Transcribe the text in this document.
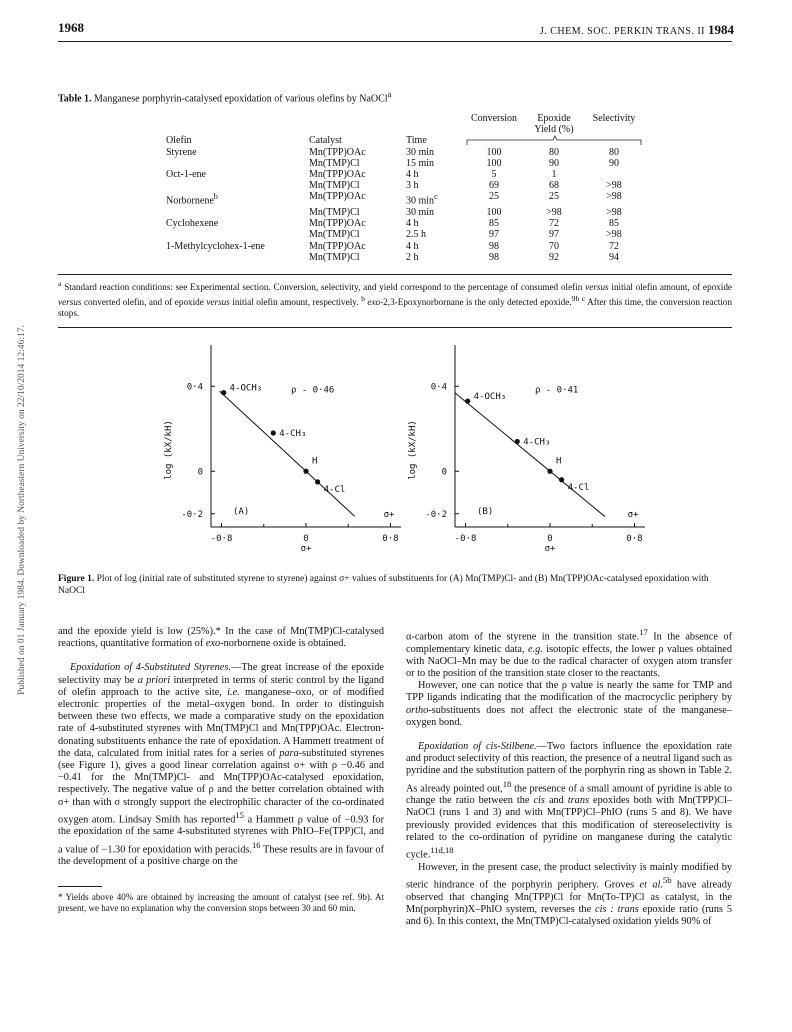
Published on 01 January 1984. Downloaded by Northeastern University on 22/10/2014 12:46:17.
1968	J. CHEM. SOC. PERKIN TRANS. II 1984
Table 1. Manganese porphyrin-catalysed epoxidation of various olefins by NaOCl$^a$
			Conversion	Epoxide	Selectivity
				Yield (%)	
Olefin	Catalyst	Time	

Styrene	Mn(TPP)OAc	30 min	100	80	80
	Mn(TMP)Cl	15 min	100	90	90
Oct-1-ene	Mn(TPP)OAc	4 h	5	1	
	Mn(TMP)Cl	3 h	69	68	>98
Norbornene$^b$	Mn(TPP)OAc	30 $\min^c$	25	25	>98
	Mn(TMP)Cl	30 min	100	>98	>98
Cyclohexene	Mn(TPP)OAc	4 h	85	72	85
	Mn(TMP)Cl	2.5 h	97	97	>98
1-Methylcyclohex-1-ene	Mn(TPP)OAc	4 h	98	70	72
	Mn(TMP)Cl	2 h	98	92	94
$^a$ Standard reaction conditions: see Experimental section. Conversion, selectivity, and yield correspond to the percentage of consumed olefin versus initial olefin amount, of epoxide versus converted olefin, and of epoxide versus initial olefin amount, respectively. $^b$ exo-2,3-Epoxynorbornane is the only detected epoxide.$^{9b}$ $^c$ After this time, the conversion reaction stops.
0·4
0
-0·2
-0·8	0	0·8
σ+
σ+
log (kX/kH)
ρ - 0·46
(A)
4-OCH₃
4-CH₃
H
4-Cl
0·4
0
-0·2
-0·8	0	0·8
σ+
σ+
log (kX/kH)
ρ - 0·41
(B)
4-OCH₃
4-CH₃
H
4-Cl
Figure 1. Plot of log (initial rate of substituted styrene to styrene) against σ+ values of substituents for (A) Mn(TMP)Cl- and (B) Mn(TPP)OAc-catalysed epoxidation with NaOCl

and the epoxide yield is low (25%).* In the case of Mn(TMP)Cl-catalysed reactions, quantitative formation of exo-norbornene oxide is obtained.

Epoxidation of 4-Substituted Styrenes.—The great increase of the epoxide selectivity may be a priori interpreted in terms of steric control by the ligand of olefin approach to the active site, i.e. manganese–oxo, or of modified electronic properties of the metal–oxygen bond. In order to distinguish between these two effects, we made a comparative study on the epoxidation rate of 4-substituted styrenes with Mn(TMP)Cl and Mn(TPP)OAc. Electron-donating substituents enhance the rate of epoxidation. A Hammett treatment of the data, calculated from initial rates for a series of para-substituted styrenes (see Figure 1), gives a good linear correlation against σ+ with ρ −0.46 and −0.41 for the Mn(TMP)Cl- and Mn(TPP)OAc-catalysed epoxidation, respectively. The negative value of ρ and the better correlation obtained with σ+ than with σ strongly support the electrophilic character of the co-ordinated oxygen atom. Lindsay Smith has reported$^{15}$ a Hammett ρ value of −0.93 for the epoxidation of the same 4-substituted styrenes with PhIO–Fe(TPP)Cl, and a value of −1.30 for epoxidation with peracids.$^{16}$ These results are in favour of the development of a positive charge on the

* Yields above 40% are obtained by increasing the amount of catalyst (see ref. 9b). At present, we have no explanation why the conversion stops between 30 and 60 min.

α-carbon atom of the styrene in the transition state.$^{17}$ In the absence of complementary kinetic data, e.g. isotopic effects, the lower ρ values obtained with NaOCl–Mn may be due to the radical character of oxygen atom transfer or to the position of the transition state closer to the reactants.

However, one can notice that the ρ value is nearly the same for TMP and TPP ligands indicating that the modification of the macrocyclic periphery by ortho-substituents does not affect the electronic state of the manganese–oxygen bond.

Epoxidation of cis-Stilbene.—Two factors influence the epoxidation rate and product selectivity of this reaction, the presence of a neutral ligand such as pyridine and the substitution pattern of the porphyrin ring as shown in Table 2. As already pointed out,$^{18}$ the presence of a small amount of pyridine is able to change the ratio between the cis and trans epoxides both with Mn(TPP)Cl–NaOCl (runs 1 and 3) and with Mn(TPP)Cl–PhIO (runs 5 and 8). We have previously provided evidences that this modification of stereoselectivity is related to the co-ordination of pyridine on manganese during the catalytic cycle.$^{11d,18}$

However, in the present case, the product selectivity is mainly modified by steric hindrance of the porphyrin periphery. Groves et al.$^{5b}$ have already observed that changing Mn(TPP)Cl for Mn(To-TP)Cl as catalyst, in the Mn(porphyrin)X–PhIO system, reverses the cis : trans epoxide ratio (runs 5 and 6). In this context, the Mn(TMP)Cl-catalysed oxidation yields 90% of
